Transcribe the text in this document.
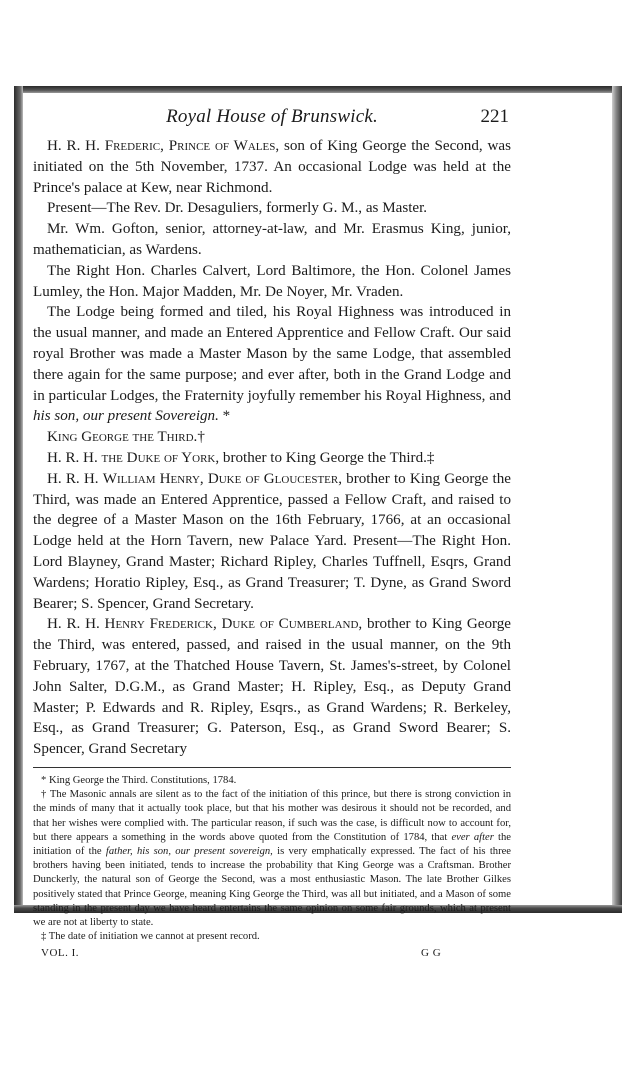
Royal House of Brunswick.	221

H. R. H. Frederic, Prince of Wales, son of King George the Second, was initiated on the 5th November, 1737. An occasional Lodge was held at the Prince's palace at Kew, near Richmond.

Present—The Rev. Dr. Desaguliers, formerly G. M., as Master.

Mr. Wm. Gofton, senior, attorney-at-law, and Mr. Erasmus King, junior, mathematician, as Wardens.

The Right Hon. Charles Calvert, Lord Baltimore, the Hon. Colonel James Lumley, the Hon. Major Madden, Mr. De Noyer, Mr. Vraden.

The Lodge being formed and tiled, his Royal Highness was introduced in the usual manner, and made an Entered Apprentice and Fellow Craft. Our said royal Brother was made a Master Mason by the same Lodge, that assembled there again for the same purpose; and ever after, both in the Grand Lodge and in particular Lodges, the Fraternity joyfully remember his Royal Highness, and his son, our present Sovereign. *

King George the Third.†

H. R. H. the Duke of York, brother to King George the Third.‡

H. R. H. William Henry, Duke of Gloucester, brother to King George the Third, was made an Entered Apprentice, passed a Fellow Craft, and raised to the degree of a Master Mason on the 16th February, 1766, at an occasional Lodge held at the Horn Tavern, new Palace Yard. Present—The Right Hon. Lord Blayney, Grand Master; Richard Ripley, Charles Tuffnell, Esqrs, Grand Wardens; Horatio Ripley, Esq., as Grand Treasurer; T. Dyne, as Grand Sword Bearer; S. Spencer, Grand Secretary.

H. R. H. Henry Frederick, Duke of Cumberland, brother to King George the Third, was entered, passed, and raised in the usual manner, on the 9th February, 1767, at the Thatched House Tavern, St. James's-street, by Colonel John Salter, D.G.M., as Grand Master; H. Ripley, Esq., as Deputy Grand Master; P. Edwards and R. Ripley, Esqrs., as Grand Wardens; R. Berkeley, Esq., as Grand Treasurer; G. Paterson, Esq., as Grand Sword Bearer; S. Spencer, Grand Secretary

* King George the Third. Constitutions, 1784.

† The Masonic annals are silent as to the fact of the initiation of this prince, but there is strong conviction in the minds of many that it actually took place, but that his mother was desirous it should not be recorded, and that her wishes were complied with. The particular reason, if such was the case, is difficult now to account for, but there appears a something in the words above quoted from the Constitution of 1784, that ever after the initiation of the father, his son, our present sovereign, is very emphatically expressed. The fact of his three brothers having been initiated, tends to increase the probability that King George was a Craftsman. Brother Dunckerly, the natural son of George the Second, was a most enthusiastic Mason. The late Brother Gilkes positively stated that Prince George, meaning King George the Third, was all but initiated, and a Mason of some standing in the present day we have heard entertains the same opinion on some fair grounds, which at present we are not at liberty to state.

‡ The date of initiation we cannot at present record.

VOL. I.	G G
